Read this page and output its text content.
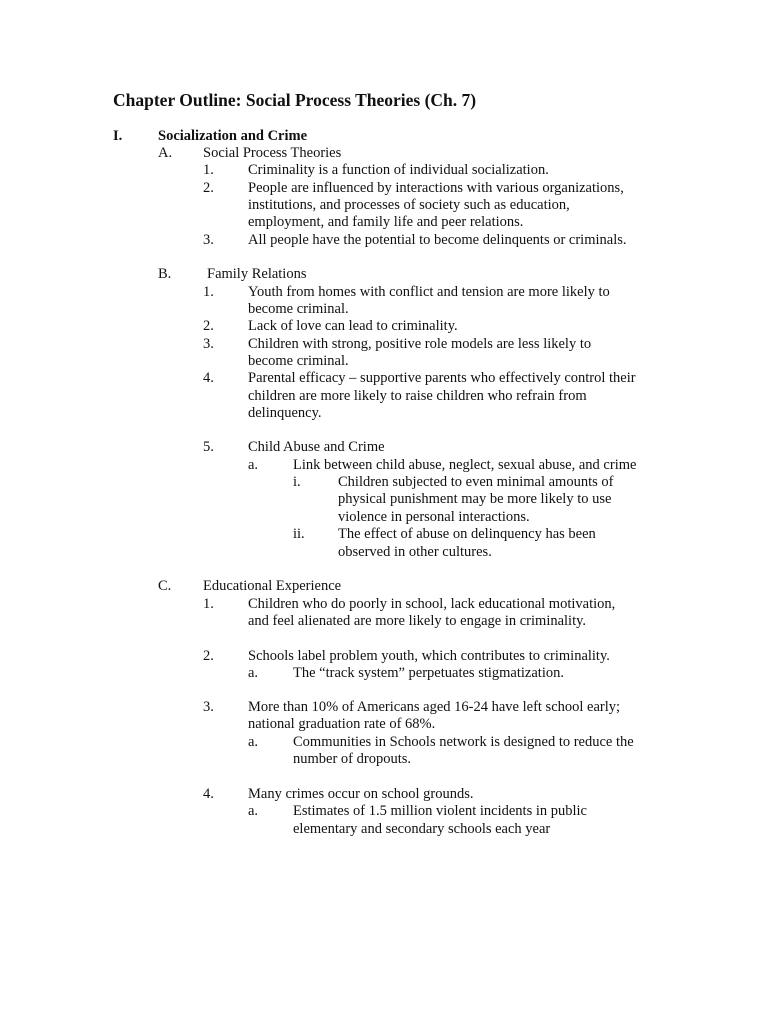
Chapter Outline: Social Process Theories (Ch. 7)
I. Socialization and Crime
A. Social Process Theories
1. Criminality is a function of individual socialization.
2. People are influenced by interactions with various organizations,
institutions, and processes of society such as education,
employment, and family life and peer relations.
3. All people have the potential to become delinquents or criminals.
B. Family Relations
1. Youth from homes with conflict and tension are more likely to
become criminal.
2. Lack of love can lead to criminality.
3. Children with strong, positive role models are less likely to
become criminal.
4. Parental efficacy – supportive parents who effectively control their
children are more likely to raise children who refrain from
delinquency.
5. Child Abuse and Crime
a. Link between child abuse, neglect, sexual abuse, and crime
i.	Children subjected to even minimal amounts of
physical punishment may be more likely to use
violence in personal interactions.
ii. The effect of abuse on delinquency has been
observed in other cultures.
C. Educational Experience
1. Children who do poorly in school, lack educational motivation,
and feel alienated are more likely to engage in criminality.
2. Schools label problem youth, which contributes to criminality.
a. The “track system” perpetuates stigmatization.
3. More than 10% of Americans aged 16-24 have left school early;
national graduation rate of 68%.
a. Communities in Schools network is designed to reduce the
number of dropouts.
4. Many crimes occur on school grounds.
a. Estimates of 1.5 million violent incidents in public
elementary and secondary schools each year
